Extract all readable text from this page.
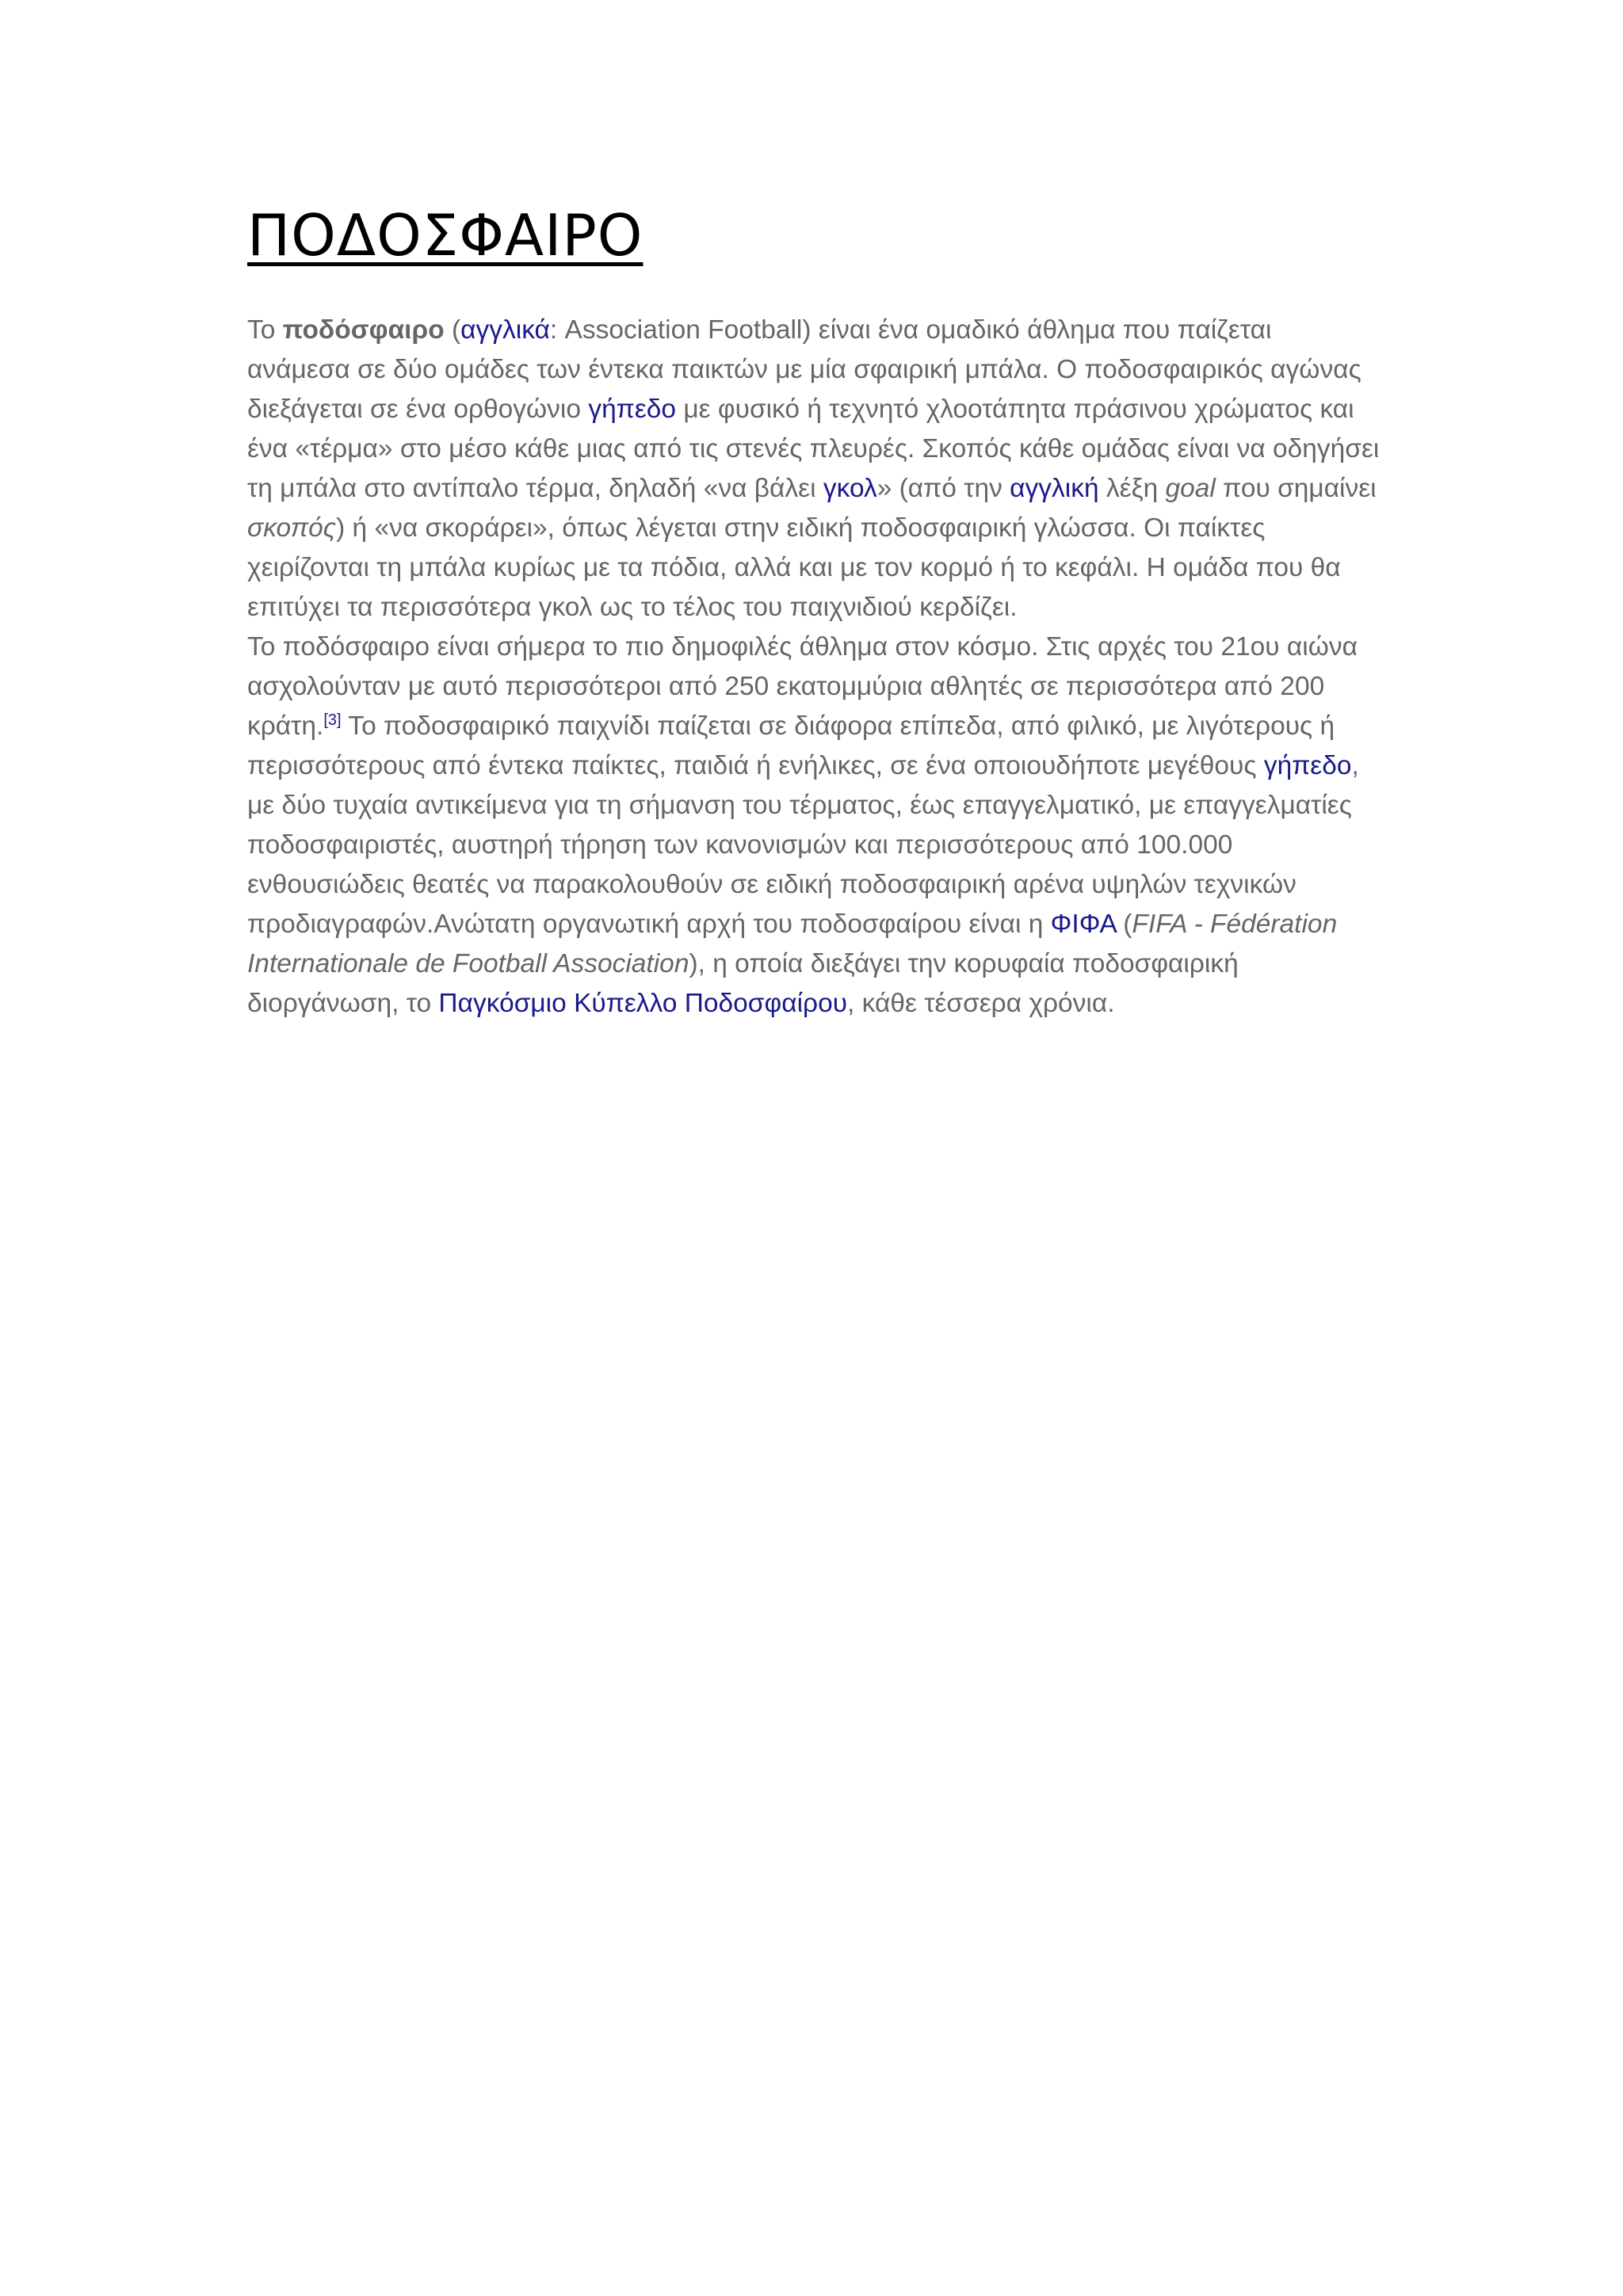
ΠΟΔΟΣΦΑΙΡΟ

Το ποδόσφαιρο (αγγλικά: Association Football) είναι ένα ομαδικό άθλημα που παίζεται ανάμεσα σε δύο ομάδες των έντεκα παικτών με μία σφαιρική μπάλα. Ο ποδοσφαιρικός αγώνας διεξάγεται σε ένα ορθογώνιο γήπεδο με φυσικό ή τεχνητό χλοοτάπητα πράσινου χρώματος και ένα «τέρμα» στο μέσο κάθε μιας από τις στενές πλευρές. Σκοπός κάθε ομάδας είναι να οδηγήσει τη μπάλα στο αντίπαλο τέρμα, δηλαδή «να βάλει γκολ» (από την αγγλική λέξη goal που σημαίνει σκοπός) ή «να σκοράρει», όπως λέγεται στην ειδική ποδοσφαιρική γλώσσα. Οι παίκτες χειρίζονται τη μπάλα κυρίως με τα πόδια, αλλά και με τον κορμό ή το κεφάλι. Η ομάδα που θα επιτύχει τα περισσότερα γκολ ως το τέλος του παιχνιδιού κερδίζει.

Το ποδόσφαιρο είναι σήμερα το πιο δημοφιλές άθλημα στον κόσμο. Στις αρχές του 21ου αιώνα ασχολούνταν με αυτό περισσότεροι από 250 εκατομμύρια αθλητές σε περισσότερα από 200 κράτη.[3] Το ποδοσφαιρικό παιχνίδι παίζεται σε διάφορα επίπεδα, από φιλικό, με λιγότερους ή περισσότερους από έντεκα παίκτες, παιδιά ή ενήλικες, σε ένα οποιουδήποτε μεγέθους γήπεδο, με δύο τυχαία αντικείμενα για τη σήμανση του τέρματος, έως επαγγελματικό, με επαγγελματίες ποδοσφαιριστές, αυστηρή τήρηση των κανονισμών και περισσότερους από 100.000 ενθουσιώδεις θεατές να παρακολουθούν σε ειδική ποδοσφαιρική αρένα υψηλών τεχνικών προδιαγραφών.Ανώτατη οργανωτική αρχή του ποδοσφαίρου είναι η ΦΙΦΑ (FIFA - Fédération Internationale de Football Association), η οποία διεξάγει την κορυφαία ποδοσφαιρική διοργάνωση, το Παγκόσμιο Κύπελλο Ποδοσφαίρου, κάθε τέσσερα χρόνια.
